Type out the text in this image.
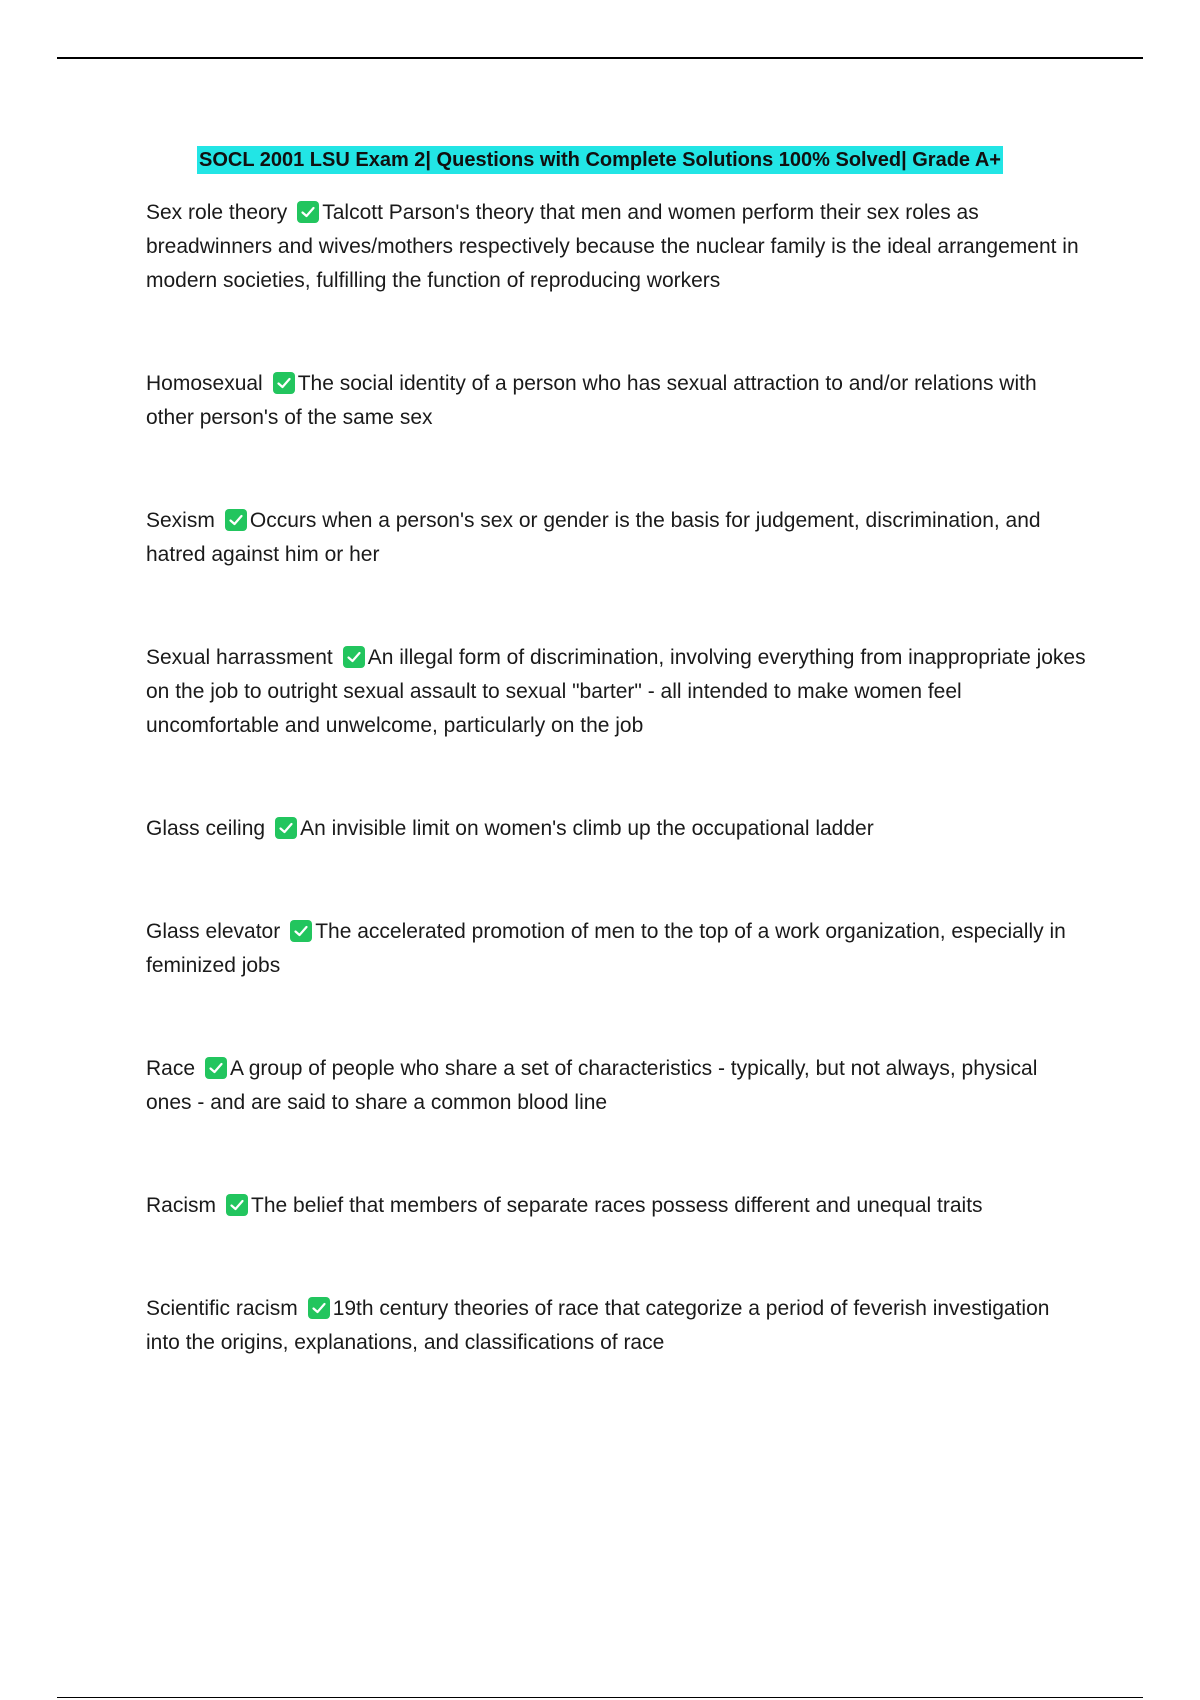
SOCL 2001 LSU Exam 2| Questions with Complete Solutions 100% Solved| Grade A+
Sex role theory Talcott Parson's theory that men and women perform their sex roles as breadwinners and wives/mothers respectively because the nuclear family is the ideal arrangement in modern societies, fulfilling the function of reproducing workers
Homosexual The social identity of a person who has sexual attraction to and/or relations with other person's of the same sex
Sexism Occurs when a person's sex or gender is the basis for judgement, discrimination, and hatred against him or her
Sexual harrassment An illegal form of discrimination, involving everything from inappropriate jokes on the job to outright sexual assault to sexual "barter" - all intended to make women feel uncomfortable and unwelcome, particularly on the job
Glass ceiling An invisible limit on women's climb up the occupational ladder
Glass elevator The accelerated promotion of men to the top of a work organization, especially in feminized jobs
Race A group of people who share a set of characteristics - typically, but not always, physical ones - and are said to share a common blood line
Racism The belief that members of separate races possess different and unequal traits
Scientific racism 19th century theories of race that categorize a period of feverish investigation into the origins, explanations, and classifications of race
